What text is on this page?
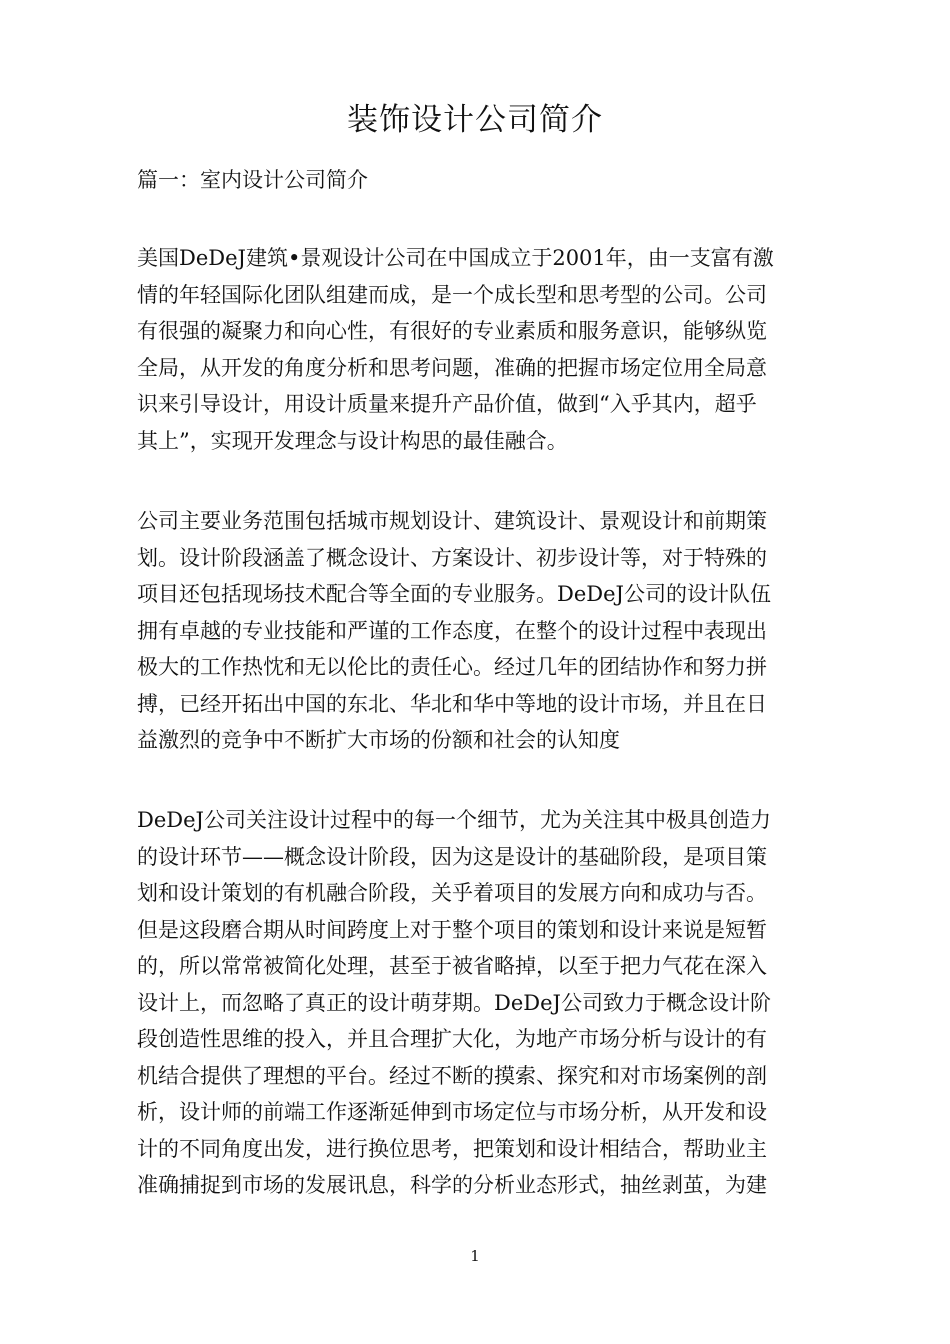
装饰设计公司简介
篇一：室内设计公司简介
美国DeDeJ建筑•景观设计公司在中国成立于2001年，由一支富有激
情的年轻国际化团队组建而成，是一个成长型和思考型的公司。公司
有很强的凝聚力和向心性，有很好的专业素质和服务意识，能够纵览
全局，从开发的角度分析和思考问题，准确的把握市场定位用全局意
识来引导设计，用设计质量来提升产品价值，做到“入乎其内，超乎
其上”，实现开发理念与设计构思的最佳融合。
公司主要业务范围包括城市规划设计、建筑设计、景观设计和前期策
划。设计阶段涵盖了概念设计、方案设计、初步设计等，对于特殊的
项目还包括现场技术配合等全面的专业服务。DeDeJ公司的设计队伍
拥有卓越的专业技能和严谨的工作态度，在整个的设计过程中表现出
极大的工作热忱和无以伦比的责任心。经过几年的团结协作和努力拼
搏，已经开拓出中国的东北、华北和华中等地的设计市场，并且在日
益激烈的竞争中不断扩大市场的份额和社会的认知度
DeDeJ公司关注设计过程中的每一个细节，尤为关注其中极具创造力
的设计环节——概念设计阶段，因为这是设计的基础阶段，是项目策
划和设计策划的有机融合阶段，关乎着项目的发展方向和成功与否。
但是这段磨合期从时间跨度上对于整个项目的策划和设计来说是短暂
的，所以常常被简化处理，甚至于被省略掉，以至于把力气花在深入
设计上，而忽略了真正的设计萌芽期。DeDeJ公司致力于概念设计阶
段创造性思维的投入，并且合理扩大化，为地产市场分析与设计的有
机结合提供了理想的平台。经过不断的摸索、探究和对市场案例的剖
析，设计师的前端工作逐渐延伸到市场定位与市场分析，从开发和设
计的不同角度出发，进行换位思考，把策划和设计相结合，帮助业主
准确捕捉到市场的发展讯息，科学的分析业态形式，抽丝剥茧，为建
1
